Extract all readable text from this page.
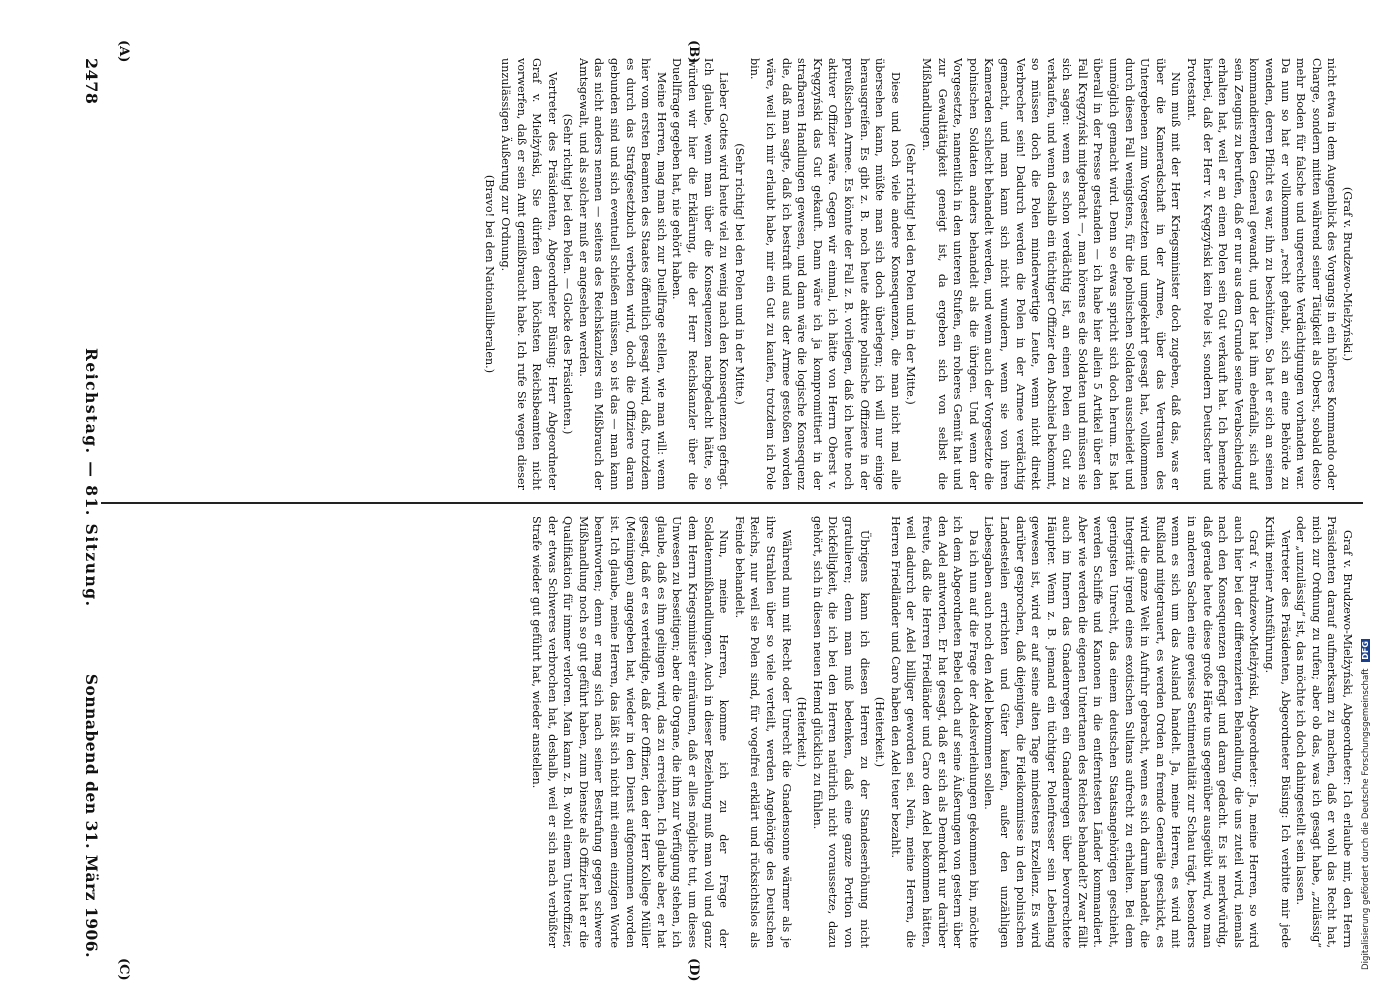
2478
Reichstag. — 81. Sitzung.
Sonnabend den 31. März 1906.
(A)	(B)
(C)	(D)

(Graf v. Brudzewo-Mielżyński.)

nicht etwa in dem Augenblick des Vorgangs in ein höheres Kommando oder Charge, sondern mitten während seiner Tätigkeit als Oberst, sobald desto mehr Boden für falsche und ungerechte Verdächtigungen vorhanden war. Da nun so hat er vollkommen „recht gehabt, sich an eine Behörde zu wenden, deren Pflicht es war, ihn zu beschützen. So hat er sich an seinen kommandierenden General gewandt, und der hat ihm ebenfalls, sich auf sein Zeugnis zu berufen, daß er nur aus dem Grunde seine Verabschiedung erhalten hat, weil er an einen Polen sein Gut verkauft hat. Ich bemerke hierbei, daß der Herr v. Kręgzyński kein Pole ist, sondern Deutscher und Protestant.

Nun muß mit der Herr Kriegsminister doch zugeben, daß das, was er über die Kameradschaft in der Armee, über das Vertrauen des Untergebenen zum Vorgesetzten und umgekehrt gesagt hat, vollkommen durch diesen Fall wenigstens, für die polnischen Soldaten ausscheidet und unmöglich gemacht wird. Denn so etwas spricht sich doch herum. Es hat überall in der Presse gestanden — ich habe hier allein 5 Artikel über den Fall Kręgzyński mitgebracht —, man hörens es die Soldaten und müssen sie sich sagen: wenn es schon verdächtig ist, an einen Polen ein Gut zu verkaufen, und wenn deshalb ein tüchtiger Offizier den Abschied bekommt, so müssen doch die Polen minderwertige Leute, wenn nicht direkt Verbrecher sein! Dadurch werden die Polen in der Armee verdächtig gemacht, und man kann sich nicht wundern, wenn sie von ihren Kameraden schlecht behandelt werden, und wenn auch der Vorgesetzte die polnischen Soldaten anders behandelt als die übrigen. Und wenn der Vorgesetzte, namentlich in den unteren Stufen, ein roheres Gemüt hat und zur Gewalttätigkeit geneigt ist, da ergeben sich von selbst die Mißhandlungen.

(Sehr richtig! bei den Polen und in der Mitte.)

Diese und noch viele andere Konsequenzen, die man nicht mal alle übersehen kann, müßte man sich doch überlegen; ich will nur einige herausgreifen. Es gibt z. B. noch heute aktive polnische Offiziere in der preußischen Armee. Es könnte der Fall z. B. vorliegen, daß ich heute noch aktiver Offizier wäre. Gegen wir einmal, ich hätte von Herrn Oberst v. Kręgzyński das Gut gekauft. Dann wäre ich ja kompromittiert in der strafbaren Handlungen gewesen, und dann wäre die logische Konsequenz die, daß man sagte, daß ich bestraft und aus der Armee gestoßen worden wäre, weil ich mir erlaubt habe, mir ein Gut zu kaufen, trotzdem ich Pole bin.

(Sehr richtig! bei den Polen und in der Mitte.)

Lieber Gottes wird heute viel zu wenig nach den Konsequenzen gefragt. Ich glaube, wenn man über die Konsequenzen nachgedacht hätte, so würden wir hier die Erklärung, die der Herr Reichskanzler über die Duellfrage gegeben hat, nie gehört haben.

Meine Herren, mag man sich zur Duellfrage stellen, wie man will: wenn hier vom ersten Beamten des Staates öffentlich gesagt wird, daß, trotzdem es durch das Strafgesetzbuch verboten wird, doch die Offiziere daran gebunden sind und sich eventuell schießen müssen, so ist das — man kann das nicht anders nennen — seitens des Reichskanzlers ein Mißbrauch der Amtsgewalt, und als solcher muß er angesehen werden.

(Sehr richtig! bei den Polen. — Glocke des Präsidenten.)

Vertreter des Präsidenten, Abgeordneter Büsing: Herr Abgeordneter Graf v. Mielżyński, Sie dürfen dem höchsten Reichsbeamten nicht vorwerfen, daß er sein Amt gemißbraucht habe. Ich rufe Sie wegen dieser unzulässigen Äußerung zur Ordnung.

(Bravo! bei den Nationalliberalen.)

Graf v. Brudzewo-Mielżyński, Abgeordneter: Ich erlaube mir, den Herrn Präsidenten darauf aufmerksam zu machen, daß er wohl das Recht hat, mich zur Ordnung zu rufen; aber ob das, was ich gesagt habe, „zulässig“ oder „unzulässig“ ist, das möchte ich doch dahingestellt sein lassen.

Vertreter des Präsidenten, Abgeordneter Büsing: Ich verbitte mir jede Kritik meiner Amtsführung.

Graf v. Brudzewo-Mielżyński, Abgeordneter: Ja, meine Herren, so wird auch hier bei der differenzierten Behandlung, die uns zuteil wird, niemals nach den Konsequenzen gefragt und daran gedacht. Es ist merkwürdig, daß gerade heute diese große Härte uns gegenüber ausgeübt wird, wo man in anderen Sachen eine gewisse Sentimentalität zur Schau trägt, besonders wenn es sich um das Ausland handelt. Ja, meine Herren, es wird mit Rußland mitgetrauert, es werden Orden an fremde Generäle geschickt, es wird die ganze Welt in Aufruhr gebracht, wenn es sich darum handelt, die Integrität irgend eines exotischen Sultans aufrecht zu erhalten. Bei dem geringsten Unrecht, das einem deutschen Staatsangehörigen geschieht, werden Schiffe und Kanonen in die entferntesten Länder kommandiert. Aber wie werden die eigenen Untertanen des Reiches behandelt? Zwar fällt auch im Innern das Gnadenregen ein Gnadenregen über bevorrechtete Häupter. Wenn z. B. jemand ein tüchtiger Polenfresser sein Lebenlang gewesen ist, wird er auf seine alten Tage mindestens Exzellenz. Es wird darüber gesprochen, daß diejenigen, die Fideikommisse in den polnischen Landesteilen errichten und Güter kaufen, außer den unzähligen Liebesgaben auch noch den Adel bekommen sollen.

Da ich nun auf die Frage der Adelsverleihungen gekommen bin, möchte ich dem Abgeordneten Bebel doch auf seine Äußerungen von gestern über den Adel antworten. Er hat gesagt, daß er sich als Demokrat nur darüber freute, daß die Herren Friedländer und Caro den Adel bekommen hätten, weil dadurch der Adel billiger geworden sei. Nein, meine Herren, die Herren Friedländer und Caro haben den Adel teuer bezahlt.

(Heiterkeit.)

Übrigens kann ich diesen Herren zu der Standeserhöhung nicht gratulieren; denn man muß bedenken, daß eine ganze Portion von Dickfelligkeit, die ich bei den Herren natürlich nicht voraussetze, dazu gehört, sich in diesen neuen Hemd glücklich zu fühlen.

(Heiterkeit.)

Während nun mit Recht oder Unrecht die Gnadensonne wärmer als je ihre Strahlen über so viele verteilt, werden Angehörige des Deutschen Reichs, nur weil sie Polen sind, für vogelfrei erklärt und rücksichtslos als Feinde behandelt.

Nun, meine Herren, komme ich zu der Frage der Soldatenmißhandlungen. Auch in dieser Beziehung muß man voll und ganz dem Herrn Kriegsminister einräumen, daß er alles mögliche tut, um dieses Unwesen zu beseitigen; aber die Organe, die ihm zur Verfügung stehen, ich glaube, daß es ihm gelingen wird, das zu erreichen. Ich glaube aber, er hat gesagt, daß er es verteidigte, daß der Offizier, den der Herr Kollege Müller (Meiningen) angegeben hat, wieder in den Dienst aufgenommen worden ist. Ich glaube, meine Herren, das läßt sich nicht mit einem einzigen Worte beantworten; denn er mag sich nach seiner Bestrafung gegen schwere Mißhandlung noch so gut geführt haben, zum Dienste als Offizier hat er die Qualifikation für immer verloren. Man kann z. B. wohl einem Unteroffizier, der etwas Schweres verbrochen hat, deshalb, weil er sich nach verbüßter Strafe wieder gut geführt hat, wieder anstellen.

Digitalisierung gefördert durch die Deutsche Forschungsgemeinschaft DFG
